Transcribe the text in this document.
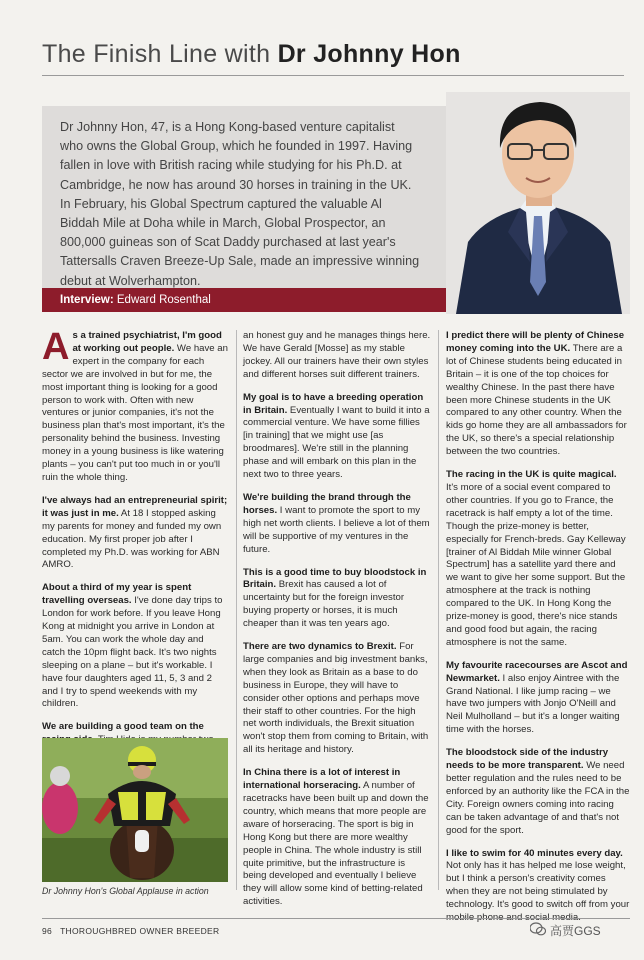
The Finish Line with Dr Johnny Hon
Dr Johnny Hon, 47, is a Hong Kong-based venture capitalist who owns the Global Group, which he founded in 1997. Having fallen in love with British racing while studying for his Ph.D. at Cambridge, he now has around 30 horses in training in the UK. In February, his Global Spectrum captured the valuable Al Biddah Mile at Doha while in March, Global Prospector, an 800,000 guineas son of Scat Daddy purchased at last year's Tattersalls Craven Breeze-Up Sale, made an impressive winning debut at Wolverhampton.
Interview: Edward Rosenthal

As a trained psychiatrist, I'm good at working out people. We have an expert in the company for each sector we are involved in but for me, the most important thing is looking for a good person to work with. Often with new ventures or junior companies, it's not the business plan that's most important, it's the personality behind the business. Investing money in a young business is like watering plants – you can't put too much in or you'll ruin the whole thing.

I've always had an entrepreneurial spirit; it was just in me. At 18 I stopped asking my parents for money and funded my own education. My first proper job after I completed my Ph.D. was working for ABN AMRO.

About a third of my year is spent travelling overseas. I've done day trips to London for work before. If you leave Hong Kong at midnight you arrive in London at 5am. You can work the whole day and catch the 10pm flight back. It's two nights sleeping on a plane – but it's workable. I have four daughters aged 11, 5, 3 and 2 and I try to spend weekends with my children.

We are building a good team on the

an honest guy and he manages things here. We have Gerald [Mosse] as my stable jockey. All our trainers have their own styles and different horses suit different trainers.

My goal is to have a breeding operation in Britain. Eventually I want to build it into a commercial venture. We have some fillies [in training] that we might use [as broodmares]. We're still in the planning phase and will embark on this plan in the next two to three years.

We're building the brand through the horses. I want to promote the sport to my high net worth clients. I believe a lot of them will be supportive of my ventures in the future.

This is a good time to buy bloodstock in Britain. Brexit has caused a lot of uncertainty but for the foreign investor buying property or horses, it is much cheaper than it was ten years ago.

There are two dynamics to Brexit. For large companies and big investment banks, when they look as Britain as a base to do business in Europe, they will have to consider other options and perhaps move their staff to other countries. For the high net worth individuals, the Brexit situation won't stop them from coming to Britain, with all its heritage and history.

In China there is a lot of interest in international horseracing. A number of racetracks have been built up and down the country, which means that more people are aware of horseracing. The sport is big in Hong Kong but there are more wealthy people in China. The whole industry is still quite primitive, but the infrastructure is being developed and eventually I believe they will allow some kind of betting-related activities.

I predict there will be plenty of Chinese money coming into the UK. There are a lot of Chinese students being educated in Britain – it is one of the top choices for wealthy Chinese. In the past there have been more Chinese students in the UK compared to any other country. When the kids go home they are all ambassadors for the UK, so there's a special relationship between the two countries.

The racing in the UK is quite magical. It's more of a social event compared to other countries. If you go to France, the racetrack is half empty a lot of the time. Though the prize-money is better, especially for French-breds. Gay Kelleway [trainer of Al Biddah Mile winner Global Spectrum] has a satellite yard there and we want to give her some support. But the atmosphere at the track is nothing compared to the UK. In Hong Kong the prize-money is good, there's nice stands and good food but again, the racing atmosphere is not the same.

My favourite racecourses are Ascot and Newmarket. I also enjoy Aintree with the Grand National. I like jump racing – we have two jumpers with Jonjo O'Neill and Neil Mulholland – but it's a longer waiting time with the horses.

The bloodstock side of the industry needs to be more transparent. We need better regulation and the rules need to be enforced by an authority like the FCA in the City. Foreign owners coming into racing can be taken advantage of and that's not good for the sport.

I like to swim for 40 minutes every day. Not only has it has helped me lose weight, but I think a person's creativity comes when they are not being stimulated by technology. It's good to switch off from your

Dr Johnny Hon's Global Applause in action
96 THOROUGHBRED OWNER BREEDER	高贾GGS
